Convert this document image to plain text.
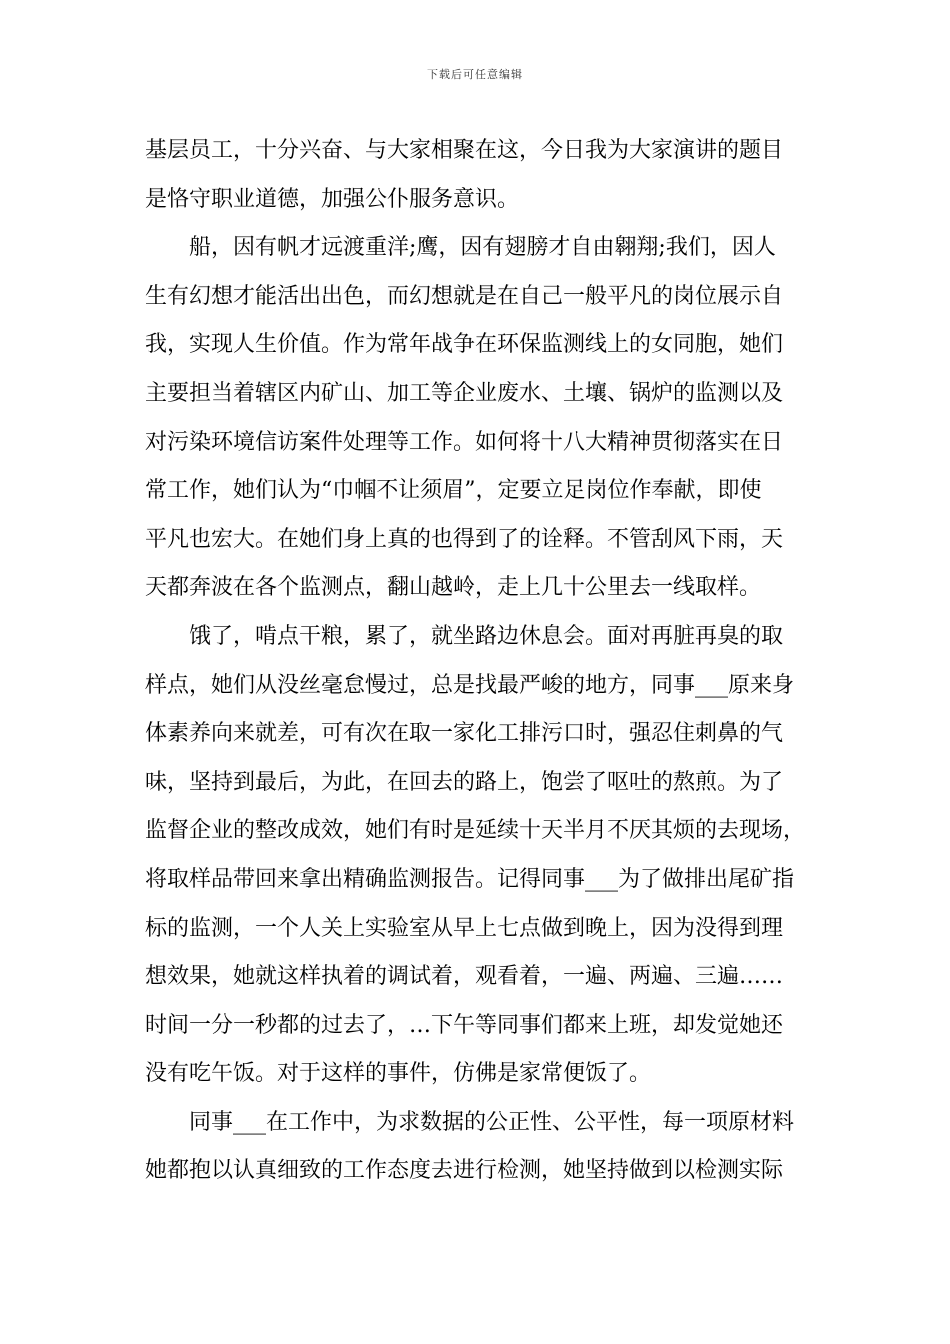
下载后可任意编辑
基层员工，十分兴奋、与大家相聚在这，今日我为大家演讲的题目
是恪守职业道德，加强公仆服务意识。
　　船，因有帆才远渡重洋;鹰，因有翅膀才自由翱翔;我们，因人
生有幻想才能活出出色，而幻想就是在自己一般平凡的岗位展示自
我，实现人生价值。作为常年战争在环保监测线上的女同胞，她们
主要担当着辖区内矿山、加工等企业废水、土壤、锅炉的监测以及
对污染环境信访案件处理等工作。如何将十八大精神贯彻落实在日
常工作，她们认为“巾帼不让须眉”，定要立足岗位作奉献，即使
平凡也宏大。在她们身上真的也得到了的诠释。不管刮风下雨，天
天都奔波在各个监测点，翻山越岭，走上几十公里去一线取样。
　　饿了，啃点干粮，累了，就坐路边休息会。面对再脏再臭的取
样点，她们从没丝毫怠慢过，总是找最严峻的地方，同事___原来身
体素养向来就差，可有次在取一家化工排污口时，强忍住刺鼻的气
味，坚持到最后，为此，在回去的路上，饱尝了呕吐的熬煎。为了
监督企业的整改成效，她们有时是延续十天半月不厌其烦的去现场，
将取样品带回来拿出精确监测报告。记得同事___为了做排出尾矿指
标的监测，一个人关上实验室从早上七点做到晚上，因为没得到理
想效果，她就这样执着的调试着，观看着，一遍、两遍、三遍……
时间一分一秒都的过去了，…下午等同事们都来上班，却发觉她还
没有吃午饭。对于这样的事件，仿佛是家常便饭了。
　　同事___在工作中，为求数据的公正性、公平性，每一项原材料
她都抱以认真细致的工作态度去进行检测，她坚持做到以检测实际
